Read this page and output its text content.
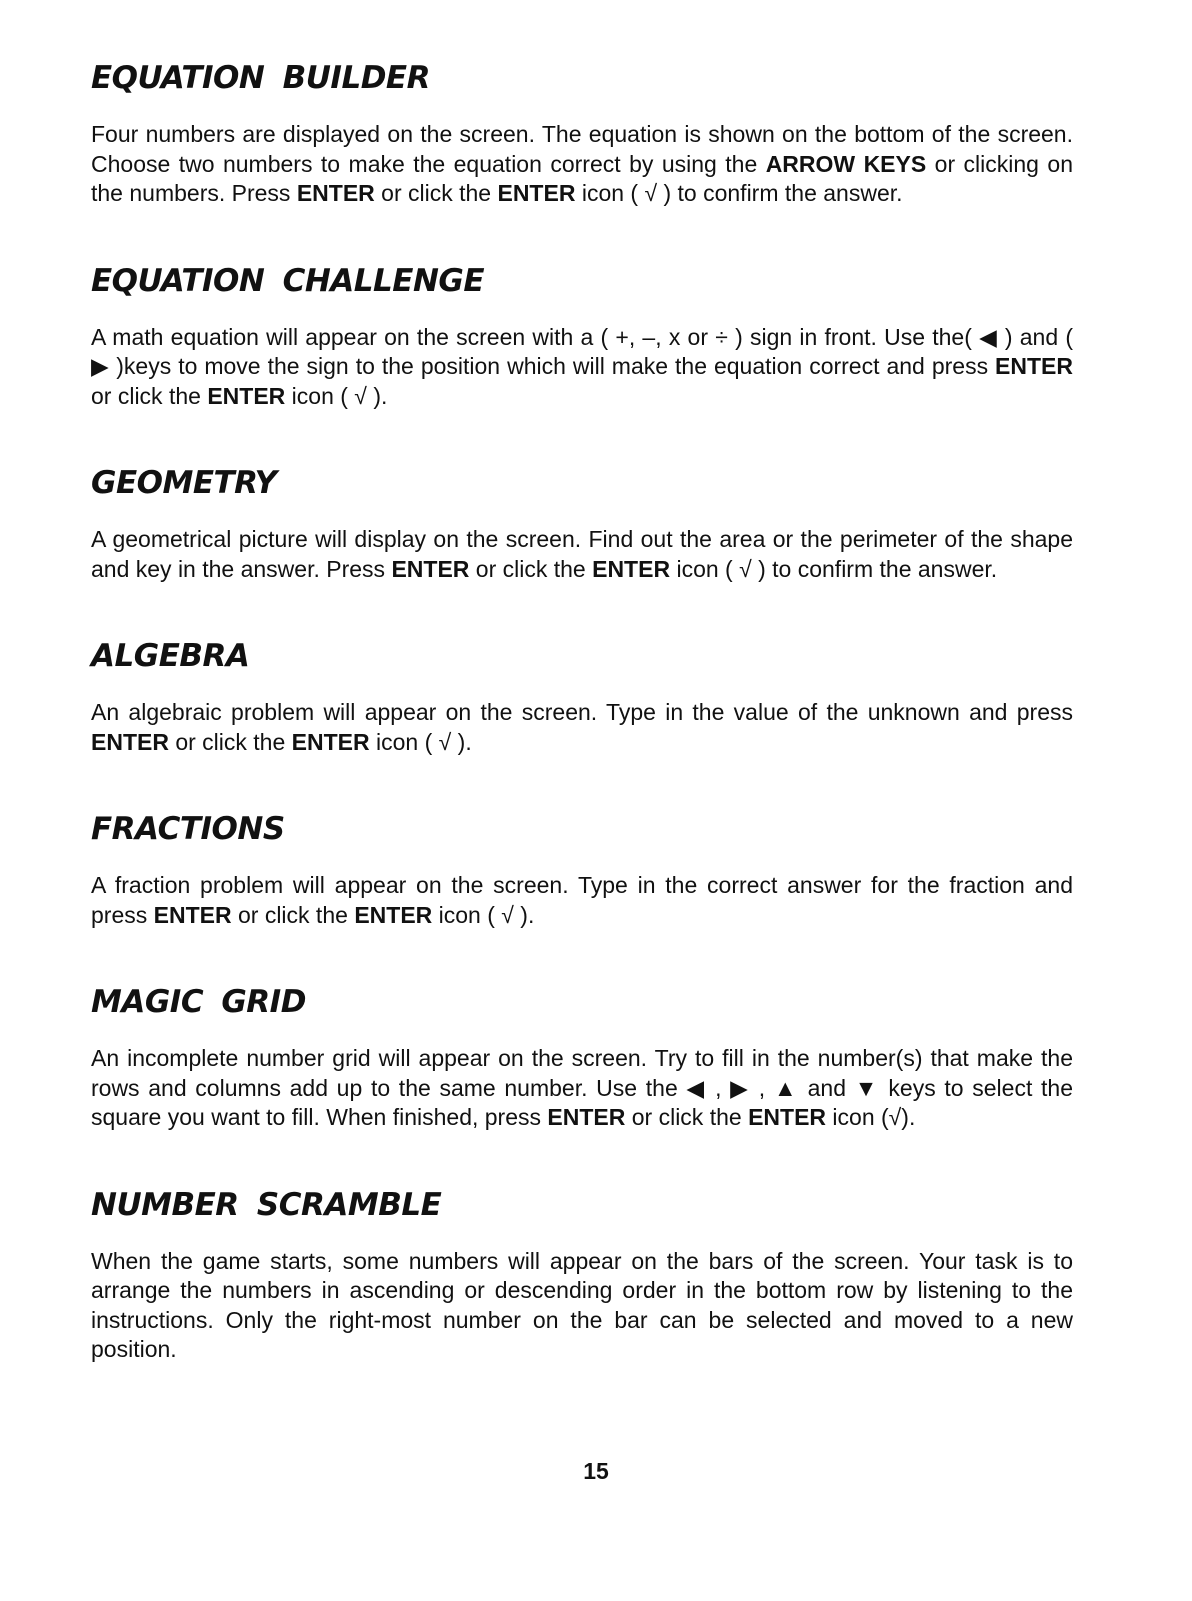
EQUATION BUILDER

Four numbers are displayed on the screen. The equation is shown on the bottom of the screen. Choose two numbers to make the equation correct by using the ARROW KEYS or clicking on the numbers. Press ENTER or click the ENTER icon ( √ ) to confirm the answer.

EQUATION CHALLENGE

A math equation will appear on the screen with a ( +, –, x or ÷ ) sign in front. Use the( ◀ ) and ( ▶ )keys to move the sign to the position which will make the equation correct and press ENTER or click the ENTER icon ( √ ).

GEOMETRY

A geometrical picture will display on the screen. Find out the area or the perimeter of the shape and key in the answer. Press ENTER or click the ENTER icon ( √ ) to confirm the answer.

ALGEBRA

An algebraic problem will appear on the screen. Type in the value of the unknown and press ENTER or click the ENTER icon ( √ ).

FRACTIONS

A fraction problem will appear on the screen. Type in the correct answer for the fraction and press ENTER or click the ENTER icon ( √ ).

MAGIC GRID

An incomplete number grid will appear on the screen. Try to fill in the number(s) that make the rows and columns add up to the same number. Use the ◀ , ▶ , ▲ and ▼ keys to select the square you want to fill. When finished, press ENTER or click the ENTER icon (√).

NUMBER SCRAMBLE

When the game starts, some numbers will appear on the bars of the screen. Your task is to arrange the numbers in ascending or descending order in the bottom row by listening to the instructions. Only the right-most number on the bar can be selected and moved to a new position.

15
